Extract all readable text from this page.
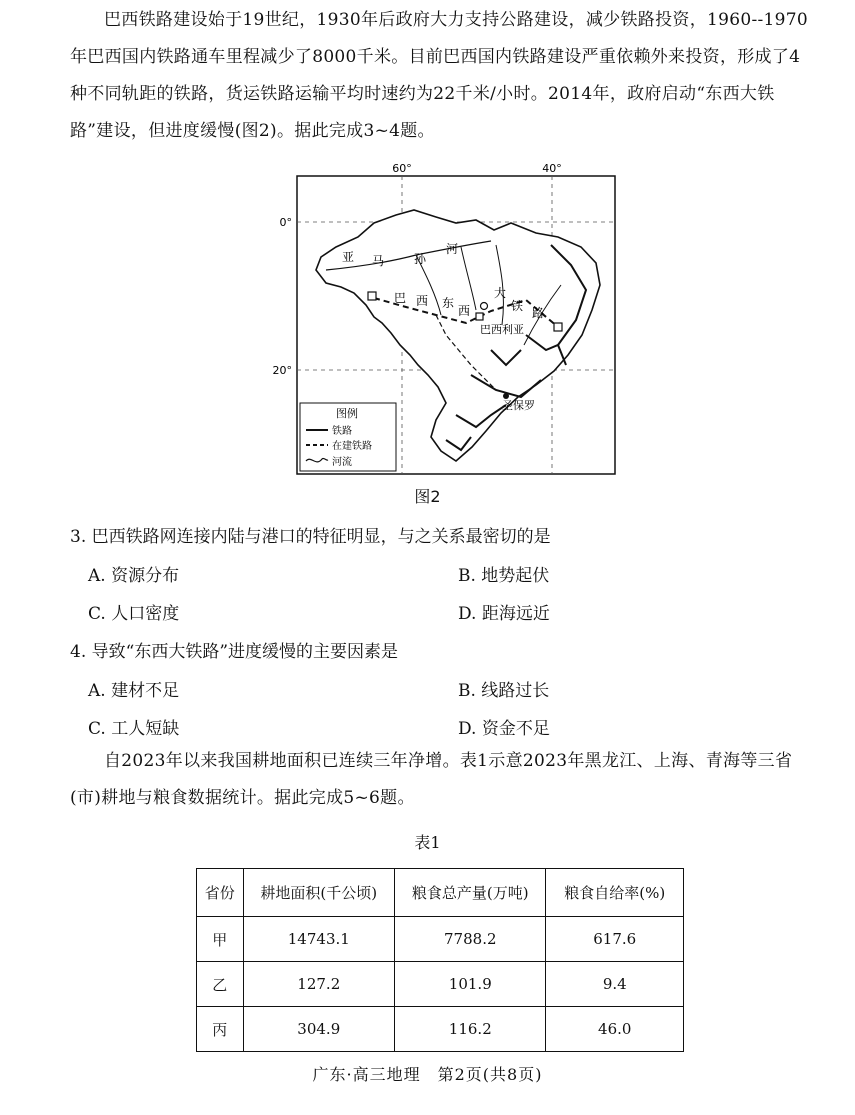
巴西铁路建设始于19世纪，1930年后政府大力支持公路建设，减少铁路投资，1960--1970年巴西国内铁路通车里程减少了8000千米。目前巴西国内铁路建设严重依赖外来投资，形成了4种不同轨距的铁路，货运铁路运输平均时速约为22千米/小时。2014年，政府启动“东西大铁路”建设，但进度缓慢(图2)。据此完成3~4题。
60°	40°
0°
20°
亚 马 孙
河
巴 西 东
西
大
铁 路
巴西利亚
圣保罗
图例
铁路
在建铁路
河流
图2
3. 巴西铁路网连接内陆与港口的特征明显，与之关系最密切的是
A. 资源分布	B. 地势起伏
C. 人口密度	D. 距海远近
4. 导致“东西大铁路”进度缓慢的主要因素是
A. 建材不足	B. 线路过长
C. 工人短缺	D. 资金不足
自2023年以来我国耕地面积已连续三年净增。表1示意2023年黑龙江、上海、青海等三省(市)耕地与粮食数据统计。据此完成5~6题。
表1
省份	耕地面积(千公顷)	粮食总产量(万吨)	粮食自给率(%)
甲	14743.1	7788.2	617.6
乙	127.2	101.9	9.4
丙	304.9	116.2	46.0
广东·高三地理　第2页(共8页)
